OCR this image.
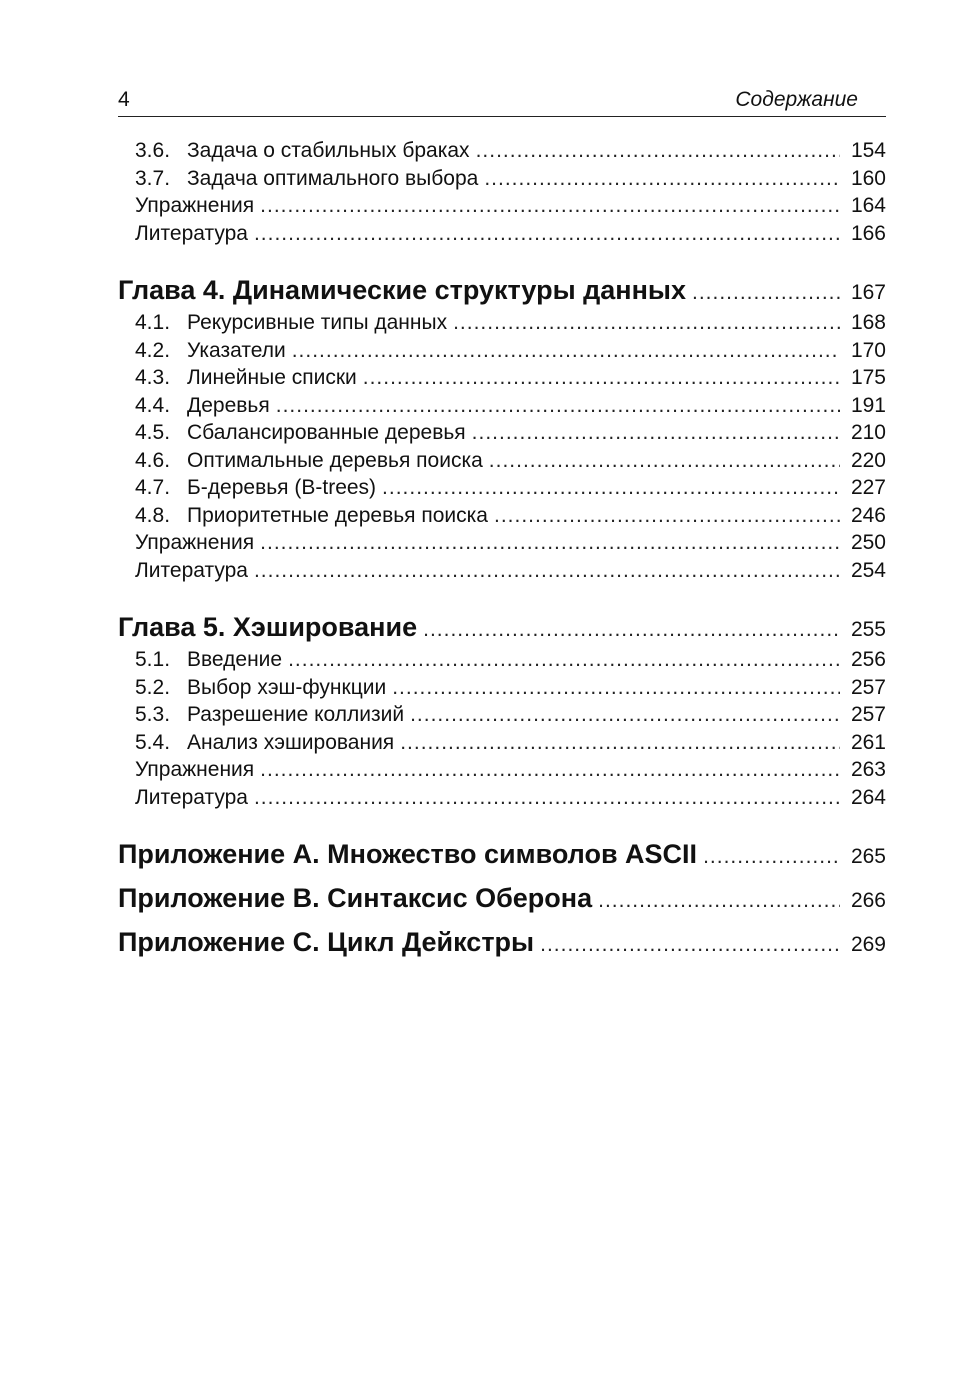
4	Содержание
3.6. Задача о стабильных браках .....	154
3.7. Задача оптимального выбора .....	160
Упражнения .....	164
Литература .....	166
Глава 4. Динамические структуры данных .....	167
4.1. Рекурсивные типы данных .....	168
4.2. Указатели .....	170
4.3. Линейные списки .....	175
4.4. Деревья .....	191
4.5. Сбалансированные деревья .....	210
4.6. Оптимальные деревья поиска .....	220
4.7. Б-деревья (B-trees) .....	227
4.8. Приоритетные деревья поиска .....	246
Упражнения .....	250
Литература .....	254
Глава 5. Хэширование .....	255
5.1. Введение .....	256
5.2. Выбор хэш-функции .....	257
5.3. Разрешение коллизий .....	257
5.4. Анализ хэширования .....	261
Упражнения .....	263
Литература .....	264
Приложение A. Множество символов ASCII .....	265
Приложение B. Синтаксис Оберона .....	266
Приложение C. Цикл Дейкстры .....	269
